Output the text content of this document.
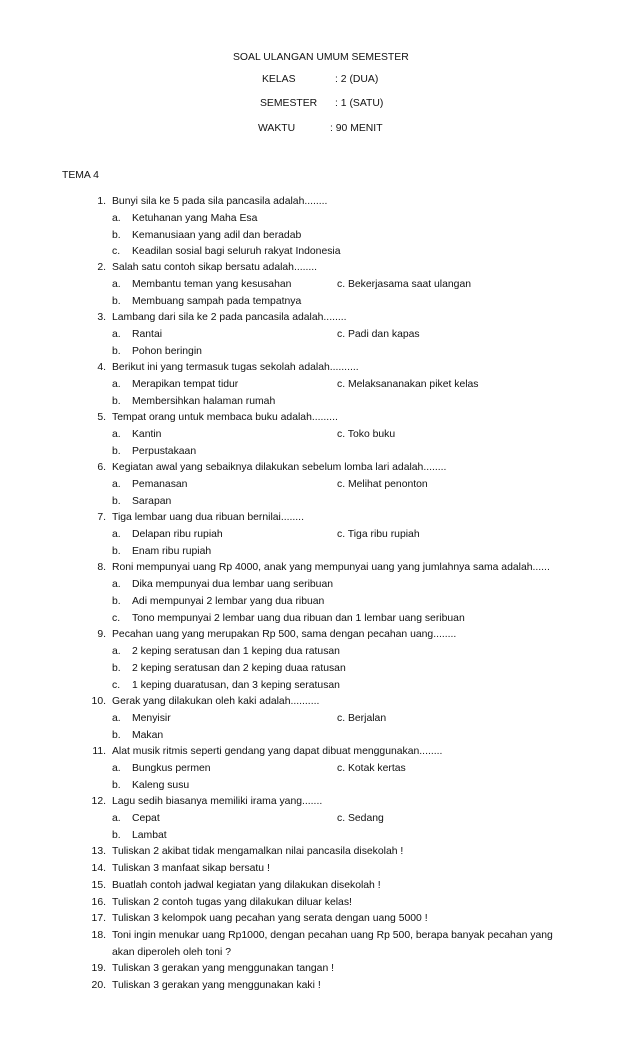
SOAL ULANGAN UMUM SEMESTER
KELAS	: 2 (DUA)
SEMESTER : 1 (SATU)
WAKTU	: 90 MENIT
TEMA 4
1. Bunyi sila ke 5 pada sila pancasila adalah........
a. Ketuhanan yang Maha Esa
b. Kemanusiaan yang adil dan beradab
c. Keadilan sosial bagi seluruh rakyat Indonesia
2. Salah satu contoh sikap bersatu adalah........
a. Membantu teman yang kesusahan	c. Bekerjasama saat ulangan
b. Membuang sampah pada tempatnya
3. Lambang dari sila ke 2 pada pancasila adalah........
a. Rantai	c. Padi dan kapas
b. Pohon beringin
4. Berikut ini yang termasuk tugas sekolah adalah..........
a. Merapikan tempat tidur	c. Melaksananakan piket kelas
b. Membersihkan halaman rumah
5. Tempat orang untuk membaca buku adalah.........
a. Kantin	c. Toko buku
b. Perpustakaan
6. Kegiatan awal yang sebaiknya dilakukan sebelum lomba lari adalah........
a. Pemanasan	c. Melihat penonton
b. Sarapan
7. Tiga lembar uang dua ribuan bernilai........
a. Delapan ribu rupiah	c. Tiga ribu rupiah
b. Enam ribu rupiah
8. Roni mempunyai uang Rp 4000, anak yang mempunyai uang yang jumlahnya sama adalah......
a. Dika mempunyai dua lembar uang seribuan
b. Adi mempunyai 2 lembar yang dua ribuan
c. Tono mempunyai 2 lembar uang dua ribuan dan 1 lembar uang seribuan
9. Pecahan uang yang merupakan Rp 500, sama dengan pecahan uang........
a. 2 keping seratusan dan 1 keping dua ratusan
b. 2 keping seratusan dan 2 keping duaa ratusan
c. 1 keping duaratusan, dan 3 keping seratusan
10. Gerak yang dilakukan oleh kaki adalah..........
a. Menyisir	c. Berjalan
b. Makan
11. Alat musik ritmis seperti gendang yang dapat dibuat menggunakan........
a. Bungkus permen	c. Kotak kertas
b. Kaleng susu
12. Lagu sedih biasanya memiliki irama yang.......
a. Cepat	c. Sedang
b. Lambat
13. Tuliskan 2 akibat tidak mengamalkan nilai pancasila disekolah !
14. Tuliskan 3 manfaat sikap bersatu !
15. Buatlah contoh jadwal kegiatan yang dilakukan disekolah !
16. Tuliskan 2 contoh tugas yang dilakukan diluar kelas!
17. Tuliskan 3 kelompok uang pecahan yang serata dengan uang 5000 !
18. Toni ingin menukar uang Rp1000, dengan pecahan uang Rp 500, berapa banyak pecahan yang
akan diperoleh oleh toni ?
19. Tuliskan 3 gerakan yang menggunakan tangan !
20. Tuliskan 3 gerakan yang menggunakan kaki !
